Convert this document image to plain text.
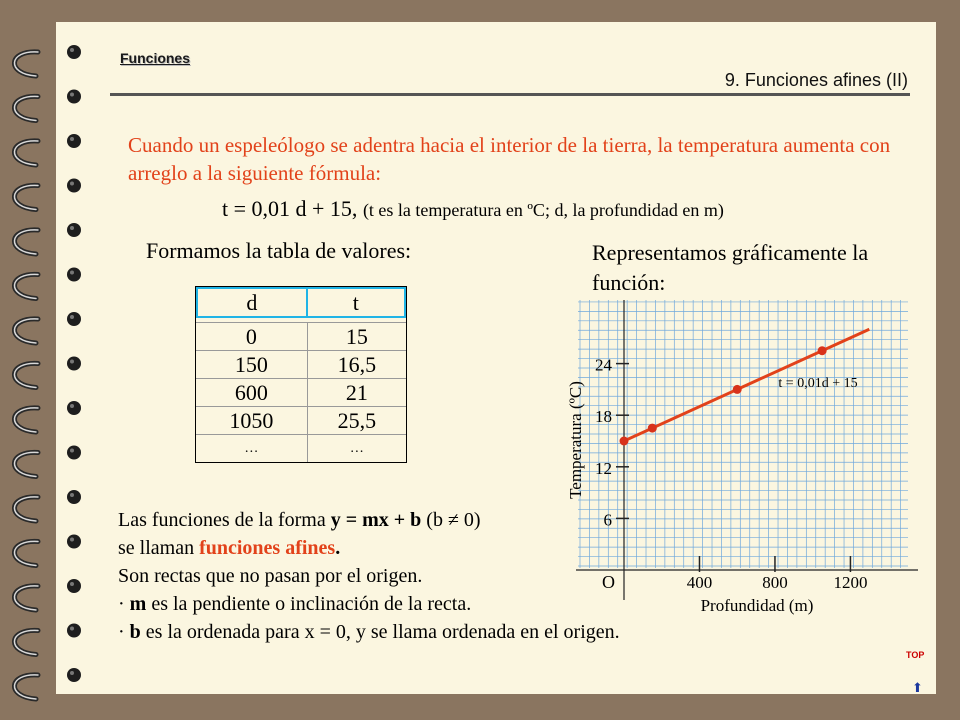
Funciones
9. Funciones afines (II)
Cuando un espeleólogo se adentra hacia el interior de la tierra, la temperatura aumenta con arreglo a la siguiente fórmula:
t = 0,01 d + 15, (t es la temperatura en ºC; d, la profundidad en m)
Formamos la tabla de valores:	Representamos gráficamente la función:
d	t

0	15
150	16,5
600	21
1050	25,5
…	…
6
12
18
24
400	800	1200
O
Profundidad (m)
Temperatura (ºC)	t = 0,01d + 15
Las funciones de la forma y = mx + b (b ≠ 0)
se llaman funciones afines.
Son rectas que no pasan por el origen.
· m es la pendiente o inclinación de la recta.
· b es la ordenada para x = 0, y se llama ordenada en el origen.
TOP
⬆
